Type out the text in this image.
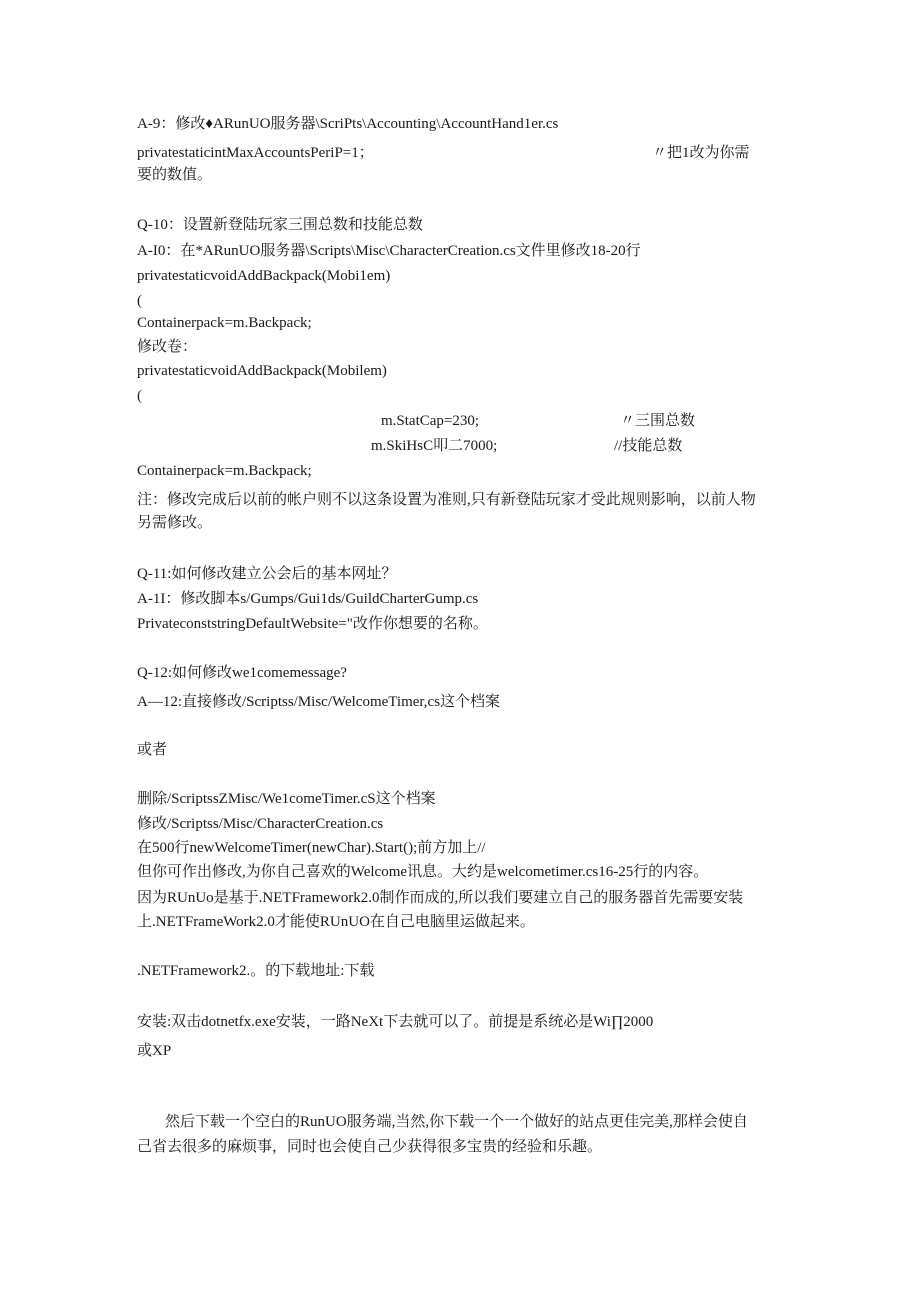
A-9：修改♦ARunUO服务器\ScriPts\Accounting\AccountHand1er.cs
privatestaticintMaxAccountsPeriP=1；	〃把1改为你需
要的数值。
Q-10：设置新登陆玩家三围总数和技能总数
A-I0：在*ARunUO服务器\Scripts\Misc\CharacterCreation.cs文件里修改18-20行
privatestaticvoidAddBackpack(Mobi1em)
(
Containerpack=m.Backpack;
修改卷：
privatestaticvoidAddBackpack(Mobilem)
(
m.StatCap=230;	〃三围总数
m.SkiHsC叩二7000;	//技能总数
Containerpack=m.Backpack;
注：修改完成后以前的帐户则不以这条设置为准则,只有新登陆玩家才受此规则影响，以前人物
另需修改。
Q-11:如何修改建立公会后的基本网址？
A-1I：修改脚本s/Gumps/Gui1ds/GuildCharterGump.cs
PrivateconststringDefaultWebsite="改作你想要的名称。
Q-12:如何修改we1comemessage?
A—12:直接修改/Scriptss/Misc/WelcomeTimer,cs这个档案
或者
删除/ScriptssZMisc/We1comeTimer.cS这个档案
修改/Scriptss/Misc/CharacterCreation.cs
在500行newWelcomeTimer(newChar).Start();前方加上//
但你可作出修改,为你自己喜欢的Welcome讯息。大约是welcometimer.cs16-25行的内容。
因为RUnUo是基于.NETFramework2.0制作而成的,所以我们要建立自己的服务器首先需要安装
上.NETFrameWork2.0才能使RUnUO在自己电脑里运做起来。
.NETFramework2.。的下载地址:下载
安装:双击dotnetfx.exe安装，一路NeXt下去就可以了。前提是系统必是Wi∏2000
或XP
然后下载一个空白的RunUO服务端,当然,你下载一个一个做好的站点更佳完美,那样会使自
己省去很多的麻烦事，同时也会使自己少获得很多宝贵的经验和乐趣。
